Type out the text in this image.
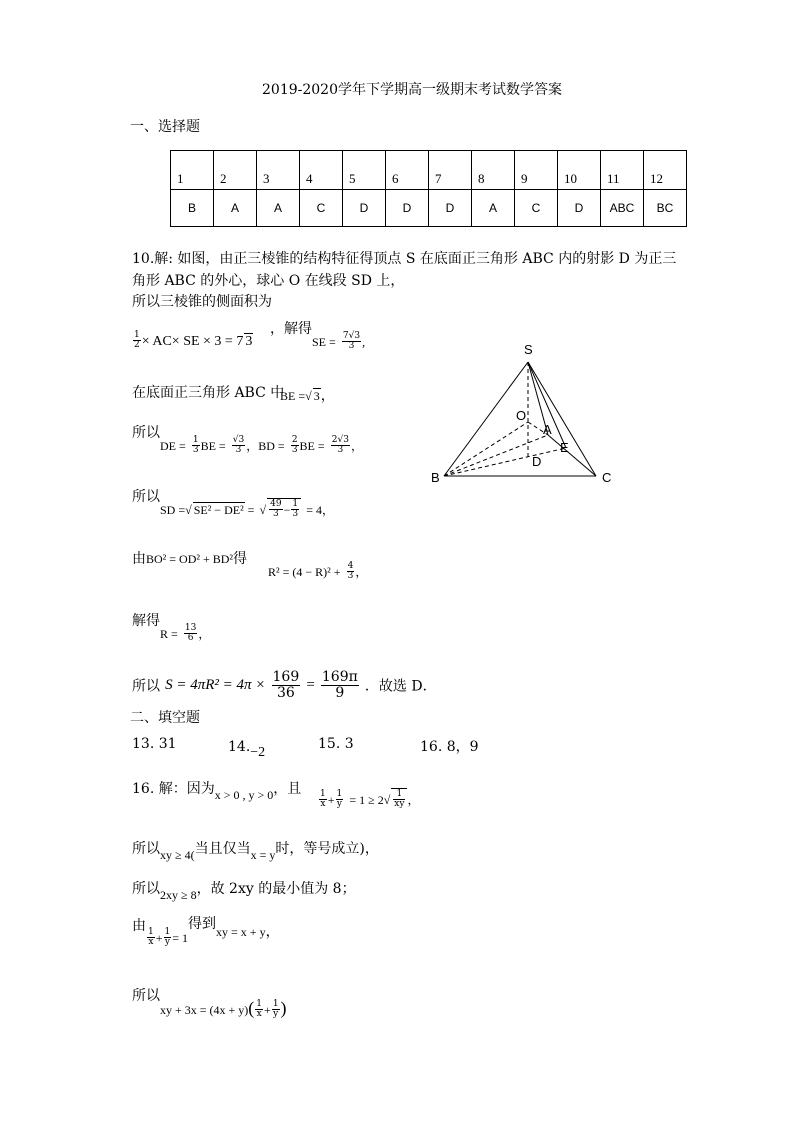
2019-2020学年下学期高一级期末考试数学答案
一、选择题
1	2	3	4	5	6	7	8	9	10	11	12
B	A	A	C	D	D	D	A	C	D	ABC	BC
10.解: 如图，由正三棱锥的结构特征得顶点 S 在底面正三角形 ABC 内的射影 D 为正三
角形 ABC 的外心，球心 O 在线段 SD 上，
所以三棱锥的侧面积为
$\frac{1}{2} \times AC\times$ SE × 3 = 7 3
，解得
SE = $\frac{7√3}{3}$ ,
在底面正三角形 ABC 中
BE =√ 3，
所以
DE = $\frac{1}{3}$ BE = $\frac{√3}{3}$ ，BD = $\frac{2}{3}$ BE = $\frac{2√3}{3}$ ，
所以
SD =√ SE² − DE² = √ $\frac{49}{3} - \frac{1}{3} = 4$，
由BO² = OD² + BD²得
$R^2 = (4 - R)^2 + \frac{4}{3}$ ，
解得
$R = \frac{13}{6}$ ，
所以 $S = 4\pi R^2 = 4\pi \times \frac{169}{36} = \frac{169\pi}{9}$ ．故选 D．
二、填空题
13. 31	14.−2
15. 3	16. 8，9
16. 解：因为$_{x > 0 , y > 0}$，且
$\frac{1}{x} + \frac{1}{y} = 1 \ge 2√ \frac{1}{xy}$ ，
所以$_{xy \ge 4(}$当且仅当$_{x = y}$时，等号成立)，
所以$_{2xy \ge 8}$，故 2xy 的最小值为 8；
由
$\frac{1}{x} _+ \frac{1}{y} _{= 1}$得到xy = x + y，
所以
xy + $3x = (4x + y)( \frac{1}{x} + \frac{1}{y}$ )
S
O
A
E
D
B	C
